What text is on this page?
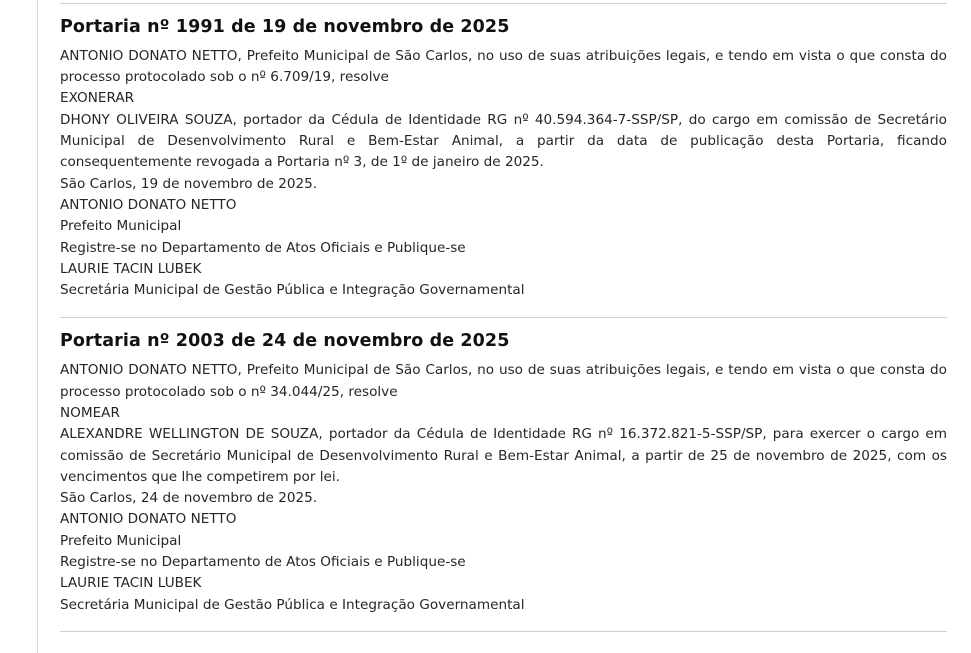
Portaria nº 1991 de 19 de novembro de 2025

ANTONIO DONATO NETTO, Prefeito Municipal de São Carlos, no uso de suas atribuições legais, e tendo em vista o que consta do processo protocolado sob o nº 6.709/19, resolve

EXONERAR

DHONY OLIVEIRA SOUZA, portador da Cédula de Identidade RG nº 40.594.364-7-SSP/SP, do cargo em comissão de Secretário Municipal de Desenvolvimento Rural e Bem-Estar Animal, a partir da data de publicação desta Portaria, ficando consequentemente revogada a Portaria nº 3, de 1º de janeiro de 2025.

São Carlos, 19 de novembro de 2025.

ANTONIO DONATO NETTO

Prefeito Municipal

Registre-se no Departamento de Atos Oficiais e Publique-se

LAURIE TACIN LUBEK

Secretária Municipal de Gestão Pública e Integração Governamental

Portaria nº 2003 de 24 de novembro de 2025

ANTONIO DONATO NETTO, Prefeito Municipal de São Carlos, no uso de suas atribuições legais, e tendo em vista o que consta do processo protocolado sob o nº 34.044/25, resolve

NOMEAR

ALEXANDRE WELLINGTON DE SOUZA, portador da Cédula de Identidade RG nº 16.372.821-5-SSP/SP, para exercer o cargo em comissão de Secretário Municipal de Desenvolvimento Rural e Bem-Estar Animal, a partir de 25 de novembro de 2025, com os vencimentos que lhe competirem por lei.

São Carlos, 24 de novembro de 2025.

ANTONIO DONATO NETTO

Prefeito Municipal

Registre-se no Departamento de Atos Oficiais e Publique-se

LAURIE TACIN LUBEK

Secretária Municipal de Gestão Pública e Integração Governamental
